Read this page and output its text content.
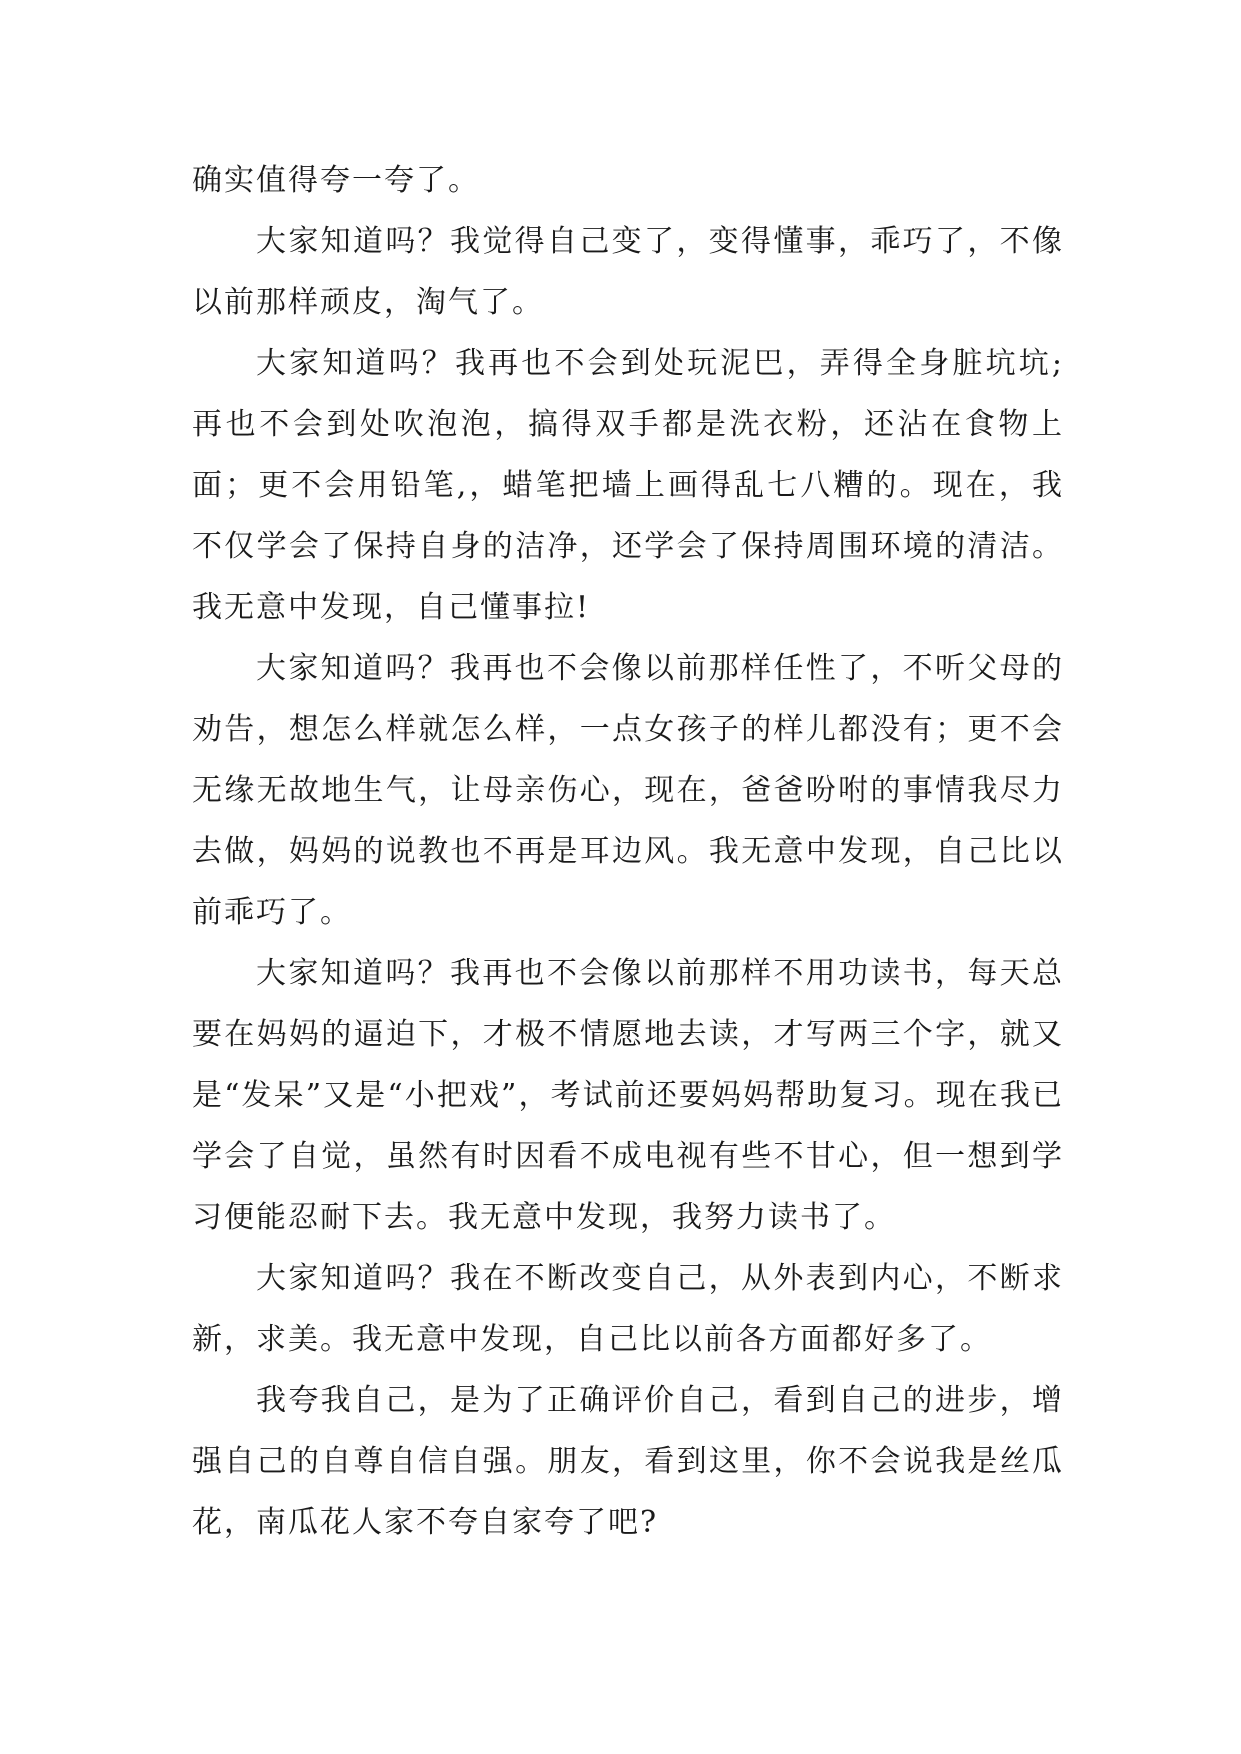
确实值得夸一夸了。

大家知道吗？我觉得自己变了，变得懂事，乖巧了，不像以前那样顽皮，淘气了。

大家知道吗？我再也不会到处玩泥巴，弄得全身脏坑坑;再也不会到处吹泡泡，搞得双手都是洗衣粉，还沾在食物上面；更不会用铅笔,，蜡笔把墙上画得乱七八糟的。现在，我不仅学会了保持自身的洁净，还学会了保持周围环境的清洁。我无意中发现，自己懂事拉!

大家知道吗？我再也不会像以前那样任性了，不听父母的劝告，想怎么样就怎么样，一点女孩子的样儿都没有；更不会无缘无故地生气，让母亲伤心，现在，爸爸吩咐的事情我尽力去做，妈妈的说教也不再是耳边风。我无意中发现，自己比以前乖巧了。

大家知道吗？我再也不会像以前那样不用功读书，每天总要在妈妈的逼迫下，才极不情愿地去读，才写两三个字，就又是“发呆”又是“小把戏”，考试前还要妈妈帮助复习。现在我已学会了自觉，虽然有时因看不成电视有些不甘心，但一想到学习便能忍耐下去。我无意中发现，我努力读书了。

大家知道吗？我在不断改变自己，从外表到内心，不断求新，求美。我无意中发现，自己比以前各方面都好多了。

我夸我自己，是为了正确评价自己，看到自己的进步，增强自己的自尊自信自强。朋友，看到这里，你不会说我是丝瓜花，南瓜花人家不夸自家夸了吧?
